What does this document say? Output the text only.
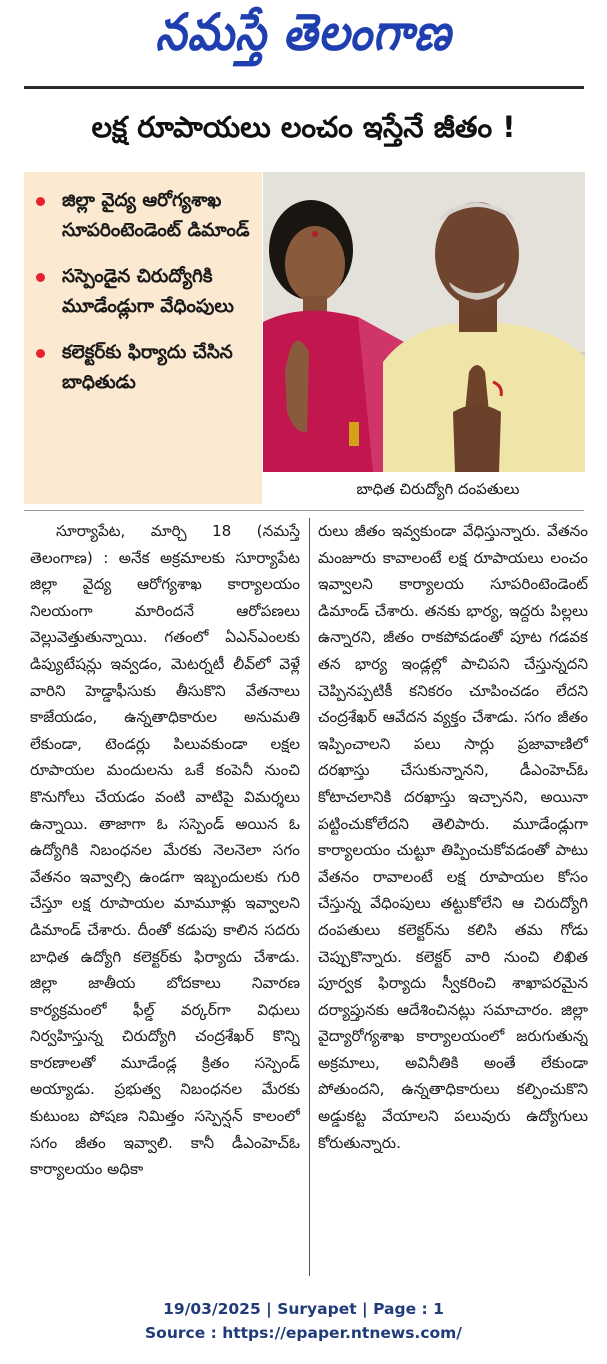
నమస్తే తెలంగాణ
లక్ష రూపాయలు లంచం ఇస్తేనే జీతం !
జిల్లా వైద్య ఆరోగ్యశాఖ సూపరింటెండెంట్ డిమాండ్
సస్పెండైన చిరుద్యోగికి మూడేండ్లుగా వేధింపులు
కలెక్టర్‌కు ఫిర్యాదు చేసిన బాధితుడు
బాధిత చిరుద్యోగి దంపతులు

సూర్యాపేట, మార్చి 18 (నమస్తే తెలంగాణ) : అనేక అక్రమాలకు సూర్యాపేట జిల్లా వైద్య ఆరోగ్యశాఖ కార్యాలయం నిలయంగా మారిందనే ఆరోపణలు వెల్లువెత్తుతున్నాయి. గతంలో ఏఎన్‌ఎంలకు డిప్యుటేషన్లు ఇవ్వడం, మెటర్నటీ లీవ్‌లో వెళ్లే వారిని హెడ్డాఫీసుకు తీసుకొని వేతనాలు కాజేయడం, ఉన్నతాధికారుల అనుమతి లేకుండా, టెండర్లు పిలువకుండా లక్షల రూపాయల మందులను ఒకే కంపెనీ నుంచి కొనుగోలు చేయడం వంటి వాటిపై విమర్శలు ఉన్నాయి. తాజాగా ఓ సస్పెండ్ అయిన ఓ ఉద్యోగికి నిబంధనల మేరకు నెలనెలా సగం వేతనం ఇవ్వాల్సి ఉండగా ఇబ్బందులకు గురి చేస్తూ లక్ష రూపాయల మామూళ్లు ఇవ్వాలని డిమాండ్ చేశారు. దీంతో కడుపు కాలిన సదరు బాధిత ఉద్యోగి కలెక్టర్‌కు ఫిర్యాదు చేశాడు. జిల్లా జాతీయ బోదకాలు నివారణ కార్యక్రమంలో ఫీల్డ్ వర్కర్‌గా విధులు నిర్వహిస్తున్న చిరుద్యోగి చంద్రశేఖర్ కొన్ని కారణాలతో మూడేండ్ల క్రితం సస్పెండ్ అయ్యాడు. ప్రభుత్వ నిబంధనల మేరకు కుటుంబ పోషణ నిమిత్తం సస్పెన్షన్ కాలంలో సగం జీతం ఇవ్వాలి. కానీ డీఎంహెచ్‌ఓ కార్యాలయం అధికా

రులు జీతం ఇవ్వకుండా వేధిస్తున్నారు. వేతనం మంజూరు కావాలంటే లక్ష రూపాయలు లంచం ఇవ్వాలని కార్యాలయ సూపరింటెండెంట్ డిమాండ్ చేశారు. తనకు భార్య, ఇద్దరు పిల్లలు ఉన్నారని, జీతం రాకపోవడంతో పూట గడవక తన భార్య ఇండ్లల్లో పాచిపని చేస్తున్నదని చెప్పినప్పటికీ కనికరం చూపించడం లేదని చంద్రశేఖర్ ఆవేదన వ్యక్తం చేశాడు. సగం జీతం ఇప్పించాలని పలు సార్లు ప్రజావాణిలో దరఖాస్తు చేసుకున్నానని, డీఎంహెచ్‌ఓ కోటాచలానికి దరఖాస్తు ఇచ్చానని, అయినా పట్టించుకోలేదని తెలిపారు. మూడేండ్లుగా కార్యాలయం చుట్టూ తిప్పించుకోవడంతో పాటు వేతనం రావాలంటే లక్ష రూపాయల కోసం చేస్తున్న వేధింపులు తట్టుకోలేని ఆ చిరుద్యోగి దంపతులు కలెక్టర్‌ను కలిసి తమ గోడు చెప్పుకొన్నారు. కలెక్టర్ వారి నుంచి లిఖిత పూర్వక ఫిర్యాదు స్వీకరించి శాఖాపరమైన దర్యాప్తునకు ఆదేశించినట్లు సమాచారం. జిల్లా వైద్యారోగ్యశాఖ కార్యాలయంలో జరుగుతున్న అక్రమాలు, అవినీతికి అంతే లేకుండా పోతుందని, ఉన్నతాధికారులు కల్పించుకొని అడ్డుకట్ట వేయాలని పలువురు ఉద్యోగులు కోరుతున్నారు.

19/03/2025 | Suryapet | Page : 1
Source : https://epaper.ntnews.com/
